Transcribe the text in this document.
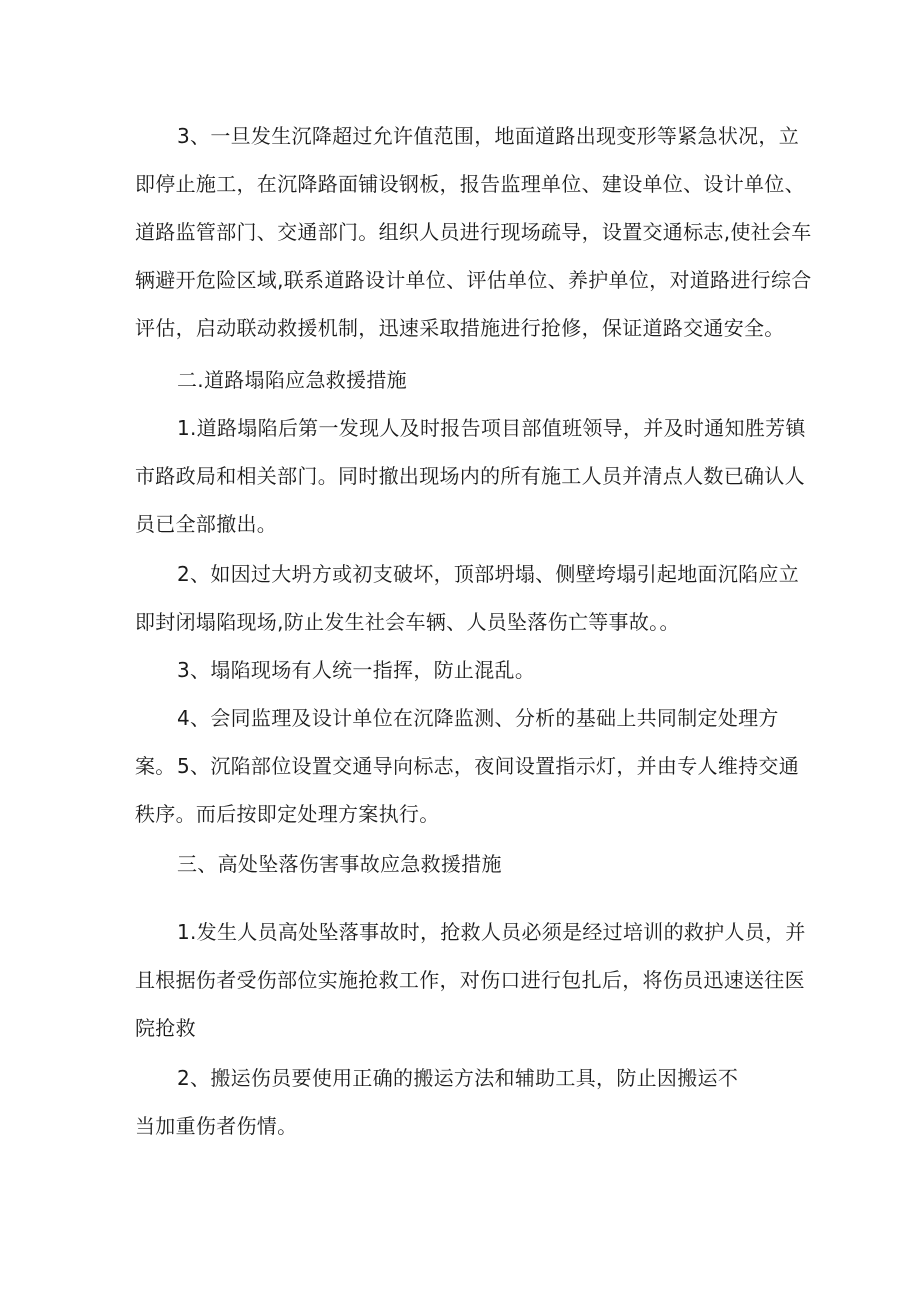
3、一旦发生沉降超过允许值范围，地面道路出现变形等紧急状况，立即停止施工，在沉降路面铺设钢板，报告监理单位、建设单位、设计单位、道路监管部门、交通部门。组织人员进行现场疏导，设置交通标志,使社会车辆避开危险区域,联系道路设计单位、评估单位、养护单位，对道路进行综合评估，启动联动救援机制，迅速采取措施进行抢修，保证道路交通安全。

二.道路塌陷应急救援措施

1.道路塌陷后第一发现人及时报告项目部值班领导，并及时通知胜芳镇市路政局和相关部门。同时撤出现场内的所有施工人员并清点人数已确认人员已全部撤出。

2、如因过大坍方或初支破坏，顶部坍塌、侧壁垮塌引起地面沉陷应立即封闭塌陷现场,防止发生社会车辆、人员坠落伤亡等事故。。

3、塌陷现场有人统一指挥，防止混乱。

4、会同监理及设计单位在沉降监测、分析的基础上共同制定处理方案。 5、沉陷部位设置交通导向标志，夜间设置指示灯，并由专人维持交通秩序。而后按即定处理方案执行。

三、高处坠落伤害事故应急救援措施

1.发生人员高处坠落事故时，抢救人员必须是经过培训的救护人员，并且根据伤者受伤部位实施抢救工作，对伤口进行包扎后，将伤员迅速送往医院抢救

2、搬运伤员要使用正确的搬运方法和辅助工具，防止因搬运不

当加重伤者伤情。
